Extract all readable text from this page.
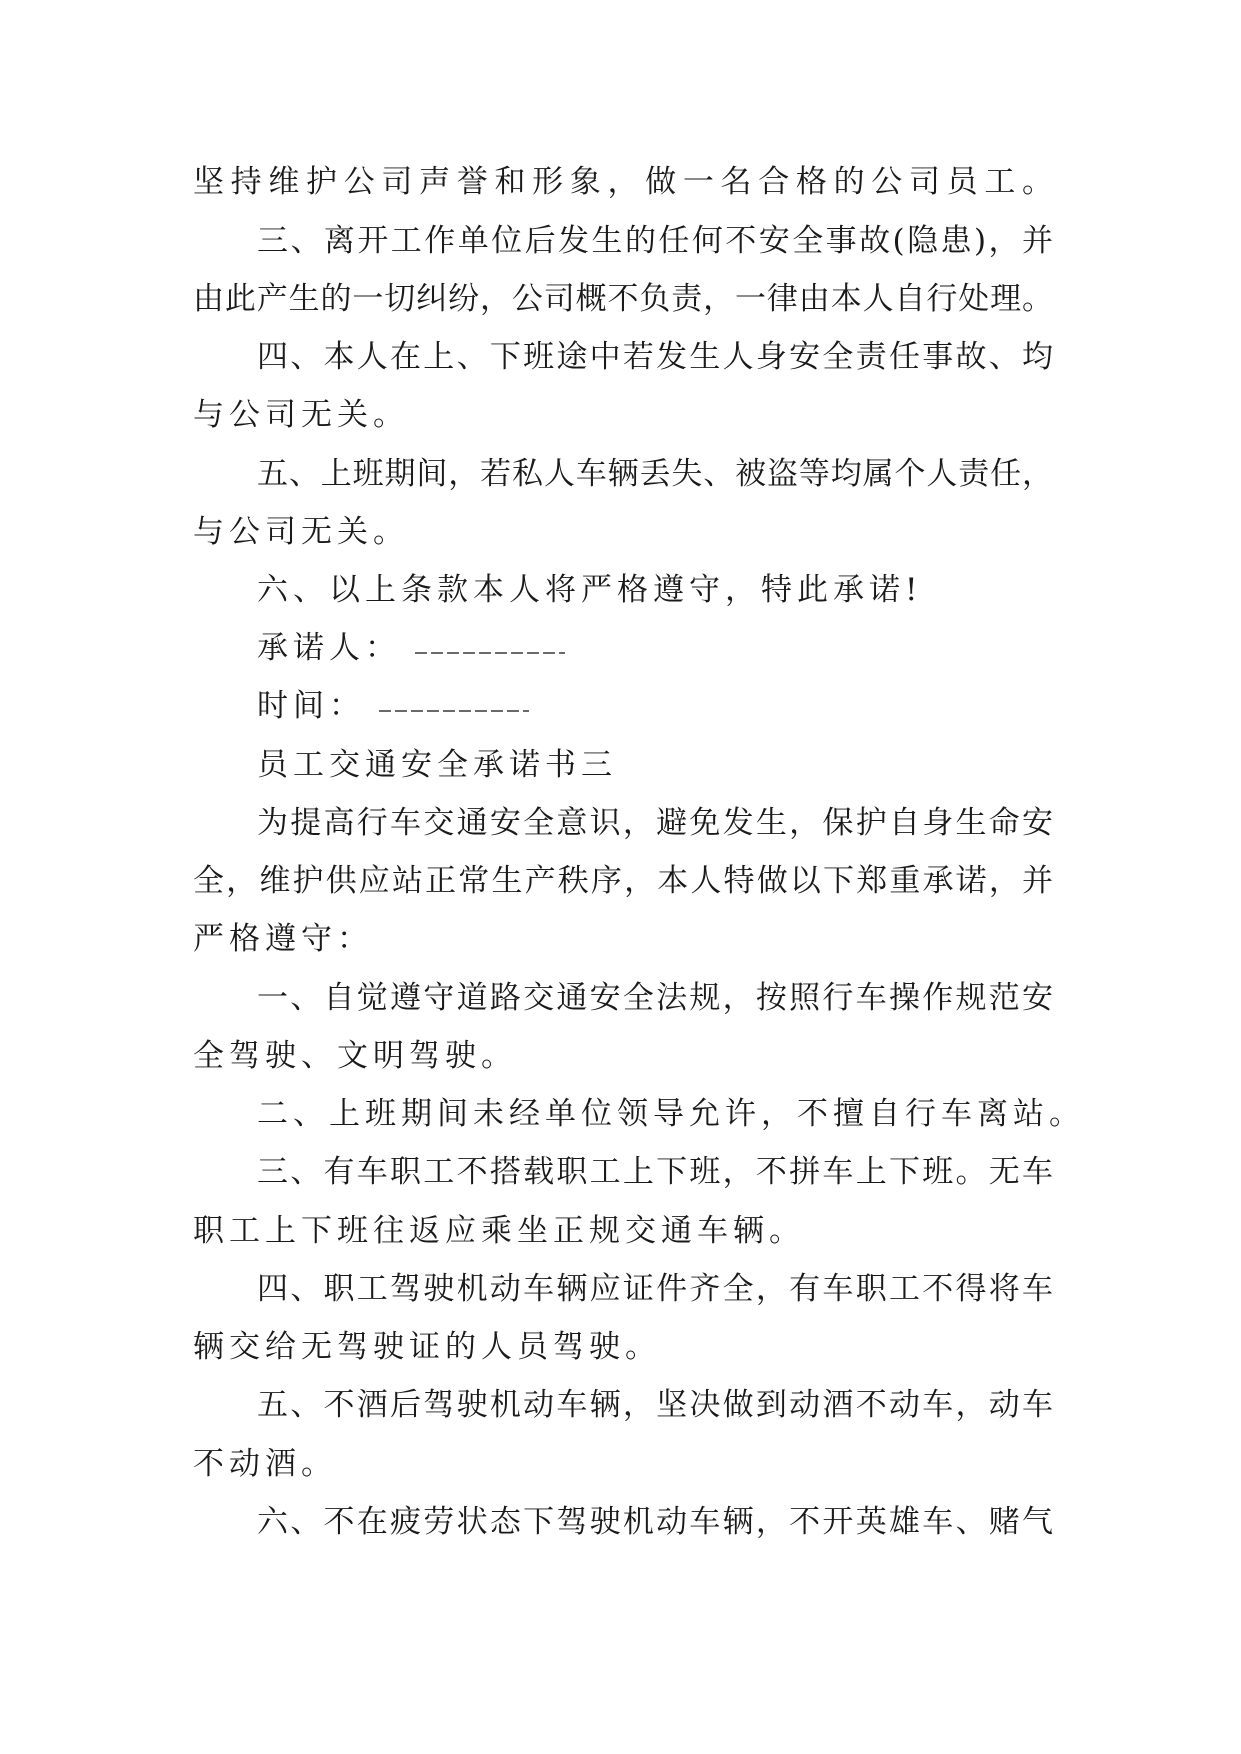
坚持维护公司声誉和形象，做一名合格的公司员工。
三、离开工作单位后发生的任何不安全事故(隐患)，并
由此产生的一切纠纷，公司概不负责，一律由本人自行处理。
四、本人在上、下班途中若发生人身安全责任事故、均
与公司无关。
五、上班期间，若私人车辆丢失、被盗等均属个人责任，
与公司无关。
六、以上条款本人将严格遵守，特此承诺!
承诺人：
时间：
员工交通安全承诺书三
为提高行车交通安全意识，避免发生，保护自身生命安
全，维护供应站正常生产秩序，本人特做以下郑重承诺，并
严格遵守：
一、自觉遵守道路交通安全法规，按照行车操作规范安
全驾驶、文明驾驶。
二、上班期间未经单位领导允许，不擅自行车离站。
三、有车职工不搭载职工上下班，不拼车上下班。无车
职工上下班往返应乘坐正规交通车辆。
四、职工驾驶机动车辆应证件齐全，有车职工不得将车
辆交给无驾驶证的人员驾驶。
五、不酒后驾驶机动车辆，坚决做到动酒不动车，动车
不动酒。
六、不在疲劳状态下驾驶机动车辆，不开英雄车、赌气
